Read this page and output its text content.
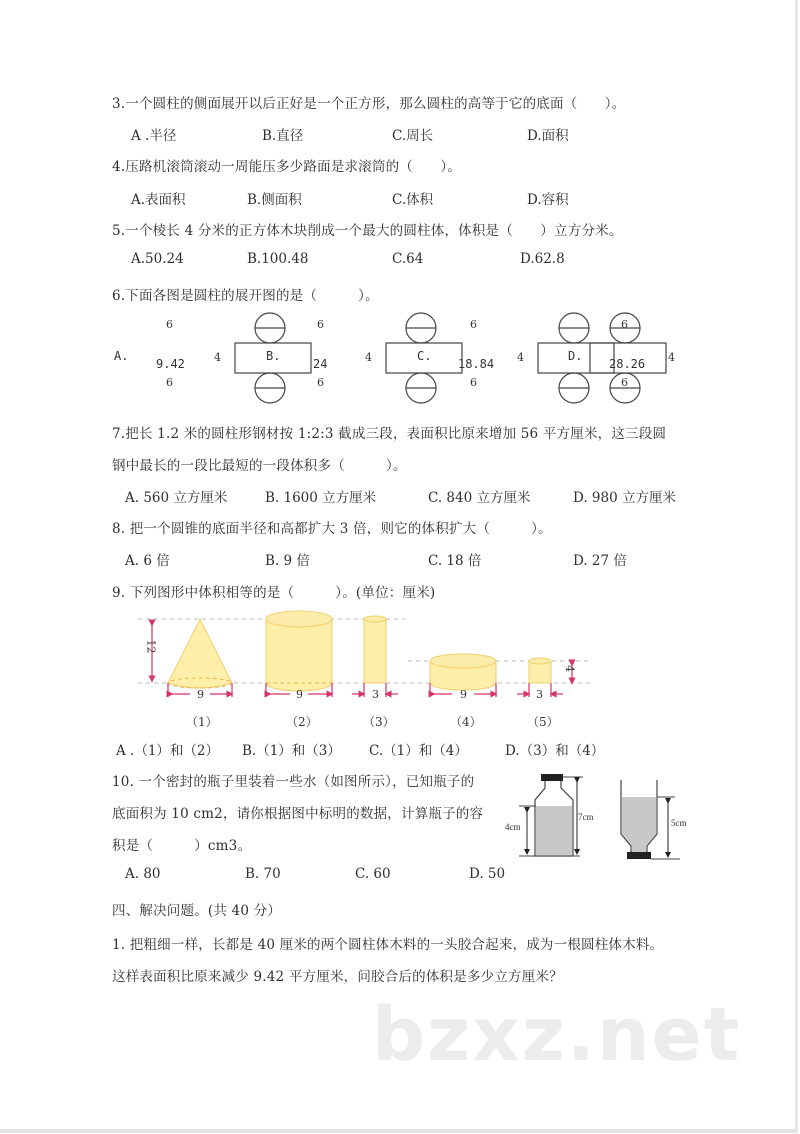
3.一个圆柱的侧面展开以后正好是一个正方形，那么圆柱的高等于它的底面（　　）。
A .半径	B.直径	C.周长	D.面积
4.压路机滚筒滚动一周能压多少路面是求滚筒的（　　）。
A.表面积	B.侧面积	C.体积	D.容积
5.一个棱长 4 分米的正方体木块削成一个最大的圆柱体，体积是（　　）立方分米。
A.50.24	B.100.48	C.64	D.62.8
6.下面各图是圆柱的展开图的是（　　　）。
A.	B.	C.	D.
6	6	6	6
9.42	24	18.84	28.26
4	4	4	4
6	6	6	6
7.把长 1.2 米的圆柱形钢材按 1:2:3 截成三段，表面积比原来增加 56 平方厘米，这三段圆
钢中最长的一段比最短的一段体积多（　　　）。
A. 560 立方厘米	B. 1600 立方厘米	C. 840 立方厘米	D. 980 立方厘米
8. 把一个圆锥的底面半径和高都扩大 3 倍，则它的体积扩大（　　　）。
A. 6 倍	B. 9 倍	C. 18 倍	D. 27 倍
9. 下列图形中体积相等的是（　　　）。(单位：厘米)
12
4
9	9	3	9	3
（1）	（2）	（3）	（4）	（5）
A .（1）和（2） B.（1）和（3） C.（1）和（4）	D.（3）和（4）
10. 一个密封的瓶子里装着一些水（如图所示），已知瓶子的
底面积为 10 cm2，请你根据图中标明的数据，计算瓶子的容
积是（　　　）cm3。
A. 80	B. 70	C. 60	D. 50
4cm
7cm
5cm
四、解决问题。(共 40 分）
1. 把粗细一样，长都是 40 厘米的两个圆柱体木料的一头胶合起来，成为一根圆柱体木料。
这样表面积比原来减少 9.42 平方厘米，问胶合后的体积是多少立方厘米？
bzxz.net
